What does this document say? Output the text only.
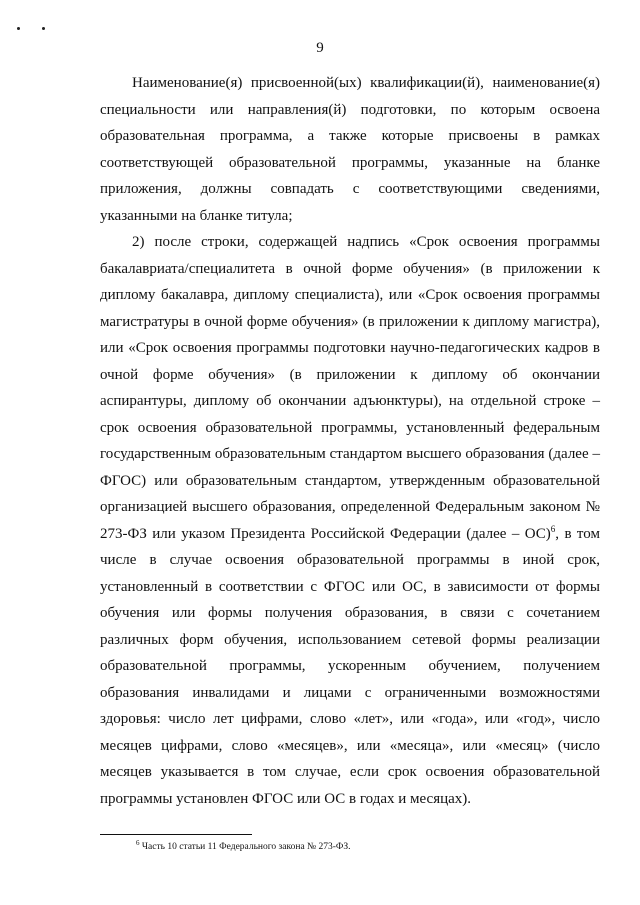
9

Наименование(я) присвоенной(ых) квалификации(й), наименование(я) специальности или направления(й) подготовки, по которым освоена образовательная программа, а также которые присвоены в рамках соответствующей образовательной программы, указанные на бланке приложения, должны совпадать с соответствующими сведениями, указанными на бланке титула;

2) после строки, содержащей надпись «Срок освоения программы бакалавриата/специалитета в очной форме обучения» (в приложении к диплому бакалавра, диплому специалиста), или «Срок освоения программы магистратуры в очной форме обучения» (в приложении к диплому магистра), или «Срок освоения программы подготовки научно-педагогических кадров в очной форме обучения» (в приложении к диплому об окончании аспирантуры, диплому об окончании адъюнктуры), на отдельной строке – срок освоения образовательной программы, установленный федеральным государственным образовательным стандартом высшего образования (далее – ФГОС) или образовательным стандартом, утвержденным образовательной организацией высшего образования, определенной Федеральным законом № 273-ФЗ или указом Президента Российской Федерации (далее – ОС)$^6$, в том числе в случае освоения образовательной программы в иной срок, установленный в соответствии с ФГОС или ОС, в зависимости от формы обучения или формы получения образования, в связи с сочетанием различных форм обучения, использованием сетевой формы реализации образовательной программы, ускоренным обучением, получением образования инвалидами и лицами с ограниченными возможностями здоровья: число лет цифрами, слово «лет», или «года», или «год», число месяцев цифрами, слово «месяцев», или «месяца», или «месяц» (число месяцев указывается в том случае, если срок освоения образовательной программы установлен ФГОС или ОС в годах и месяцах).

$^6$ Часть 10 статьи 11 Федерального закона № 273-ФЗ.
